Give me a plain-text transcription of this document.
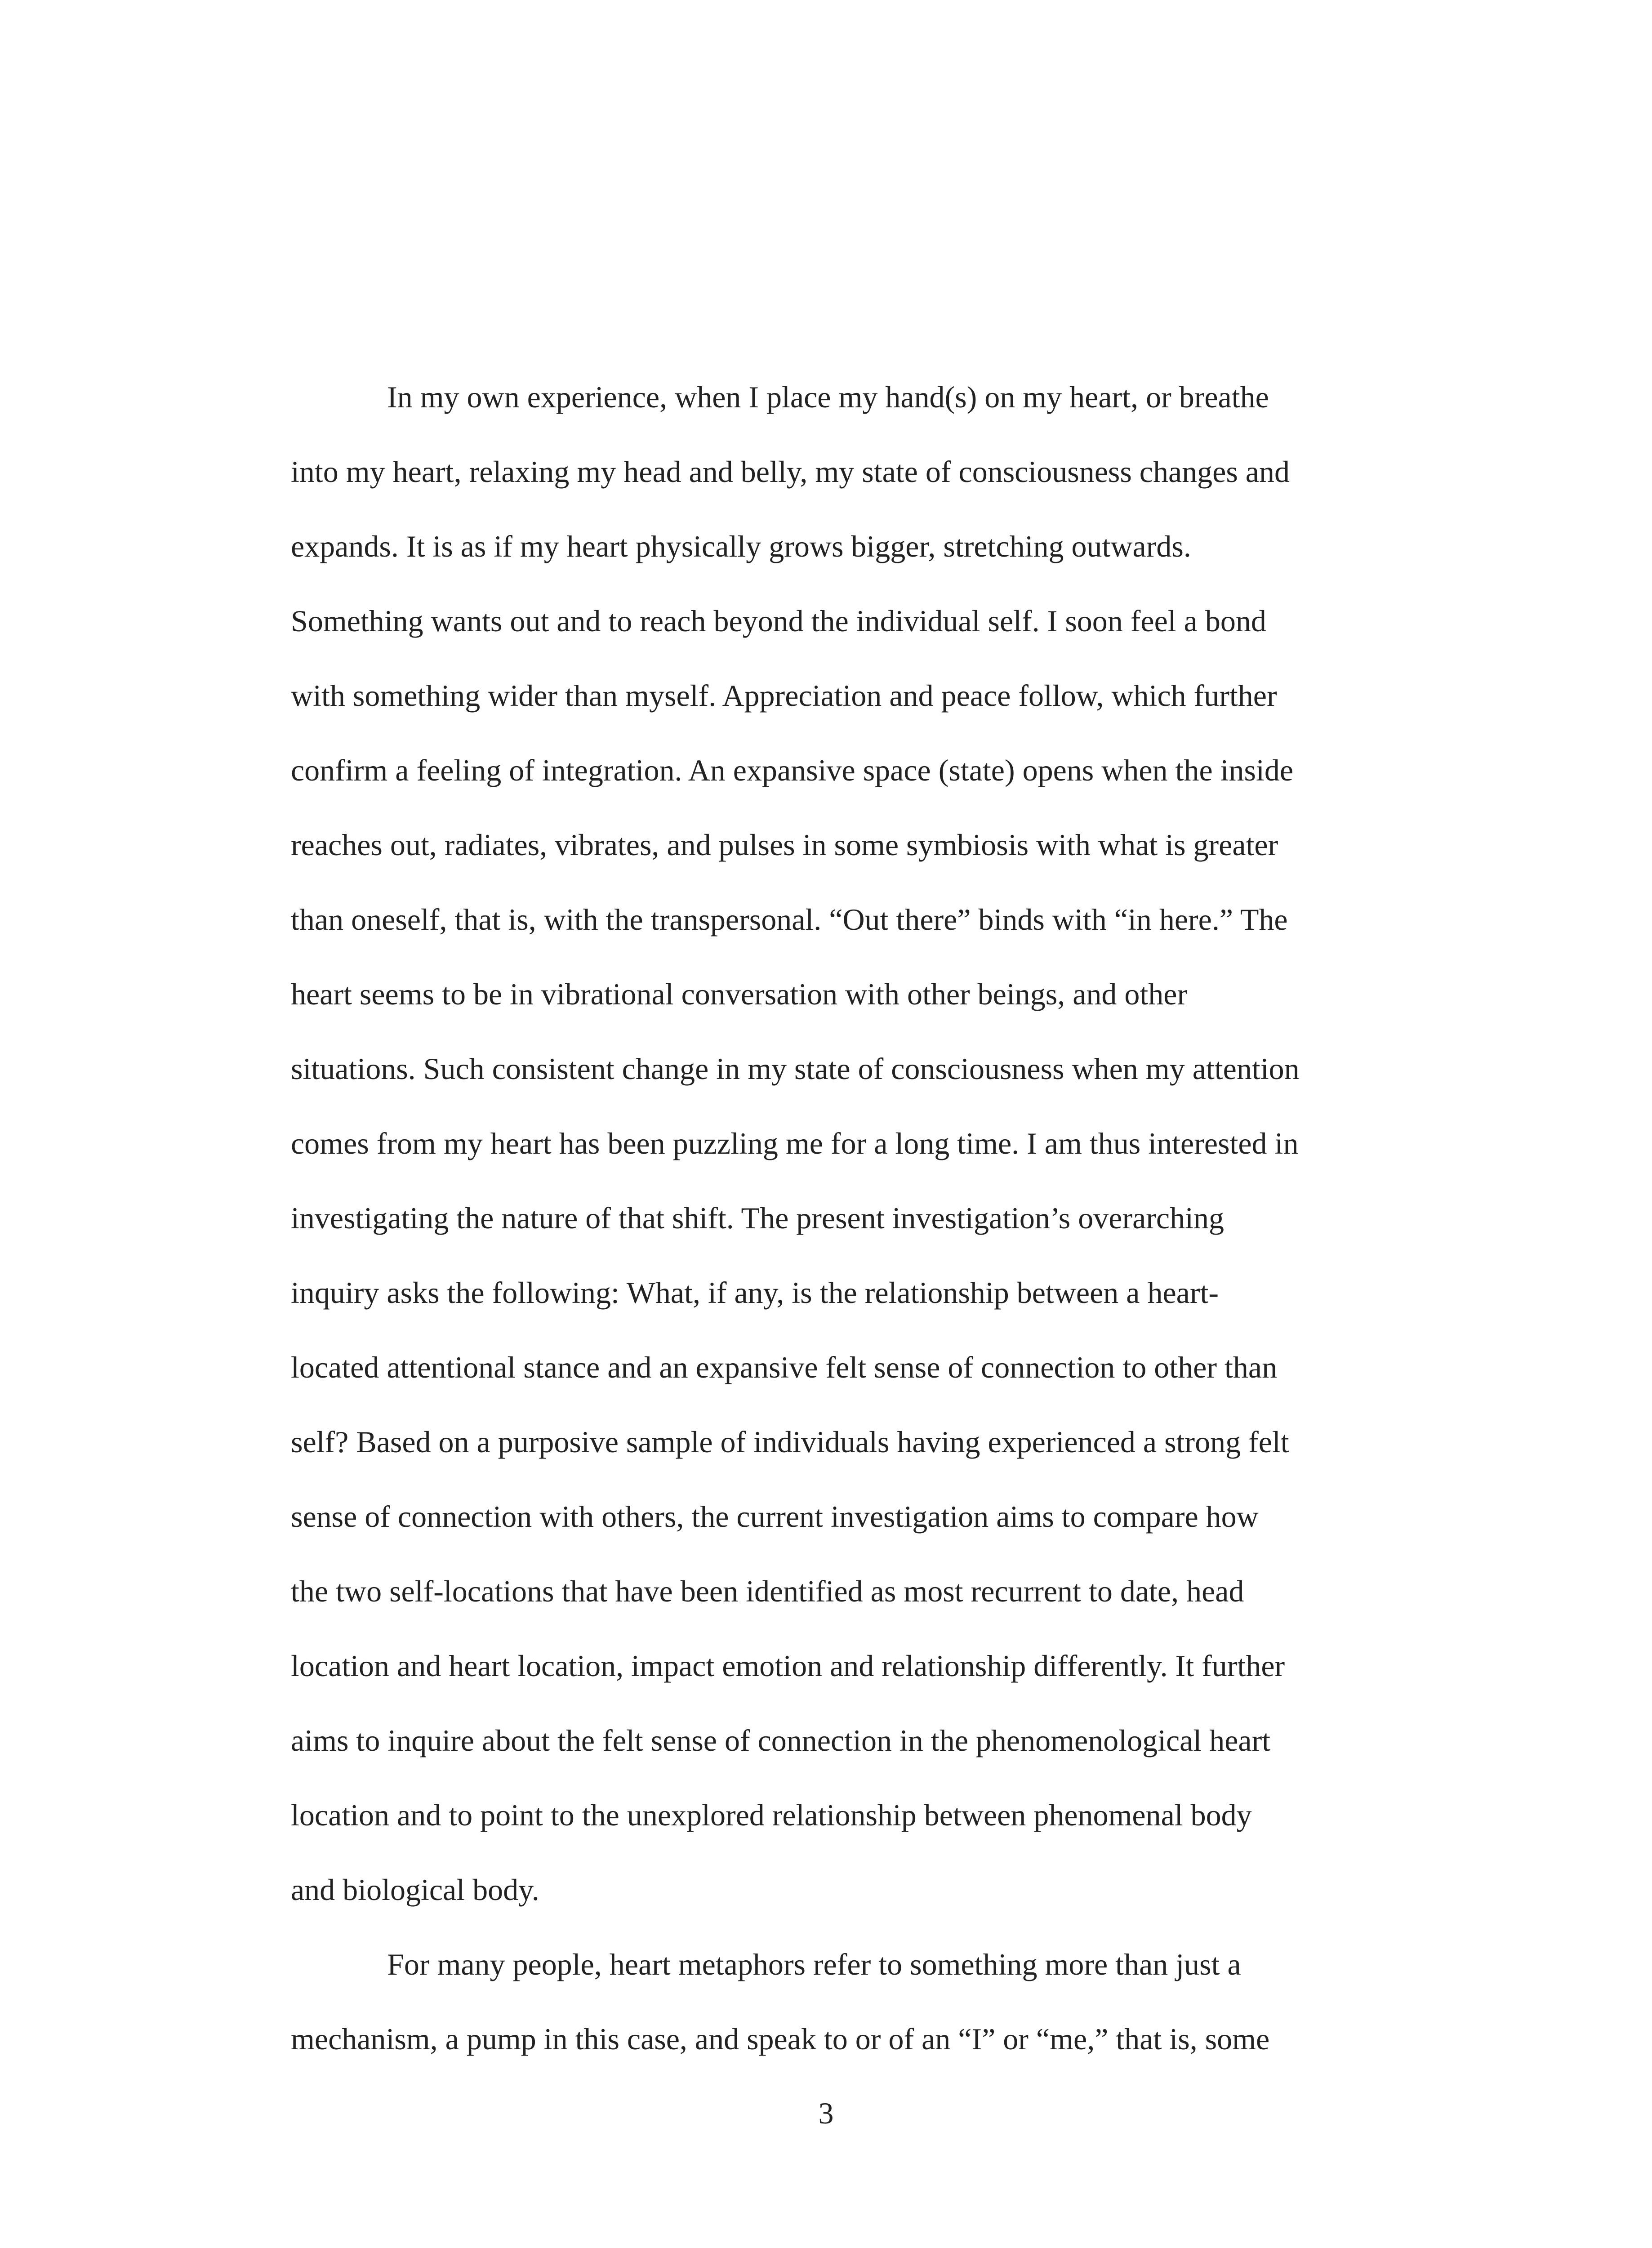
In my own experience, when I place my hand(s) on my heart, or breathe
into my heart, relaxing my head and belly, my state of consciousness changes and
expands. It is as if my heart physically grows bigger, stretching outwards.
Something wants out and to reach beyond the individual self. I soon feel a bond
with something wider than myself. Appreciation and peace follow, which further
confirm a feeling of integration. An expansive space (state) opens when the inside
reaches out, radiates, vibrates, and pulses in some symbiosis with what is greater
than oneself, that is, with the transpersonal. “Out there” binds with “in here.” The
heart seems to be in vibrational conversation with other beings, and other
situations. Such consistent change in my state of consciousness when my attention
comes from my heart has been puzzling me for a long time. I am thus interested in
investigating the nature of that shift. The present investigation’s overarching
inquiry asks the following: What, if any, is the relationship between a heart-
located attentional stance and an expansive felt sense of connection to other than
self? Based on a purposive sample of individuals having experienced a strong felt
sense of connection with others, the current investigation aims to compare how
the two self-locations that have been identified as most recurrent to date, head
location and heart location, impact emotion and relationship differently. It further
aims to inquire about the felt sense of connection in the phenomenological heart
location and to point to the unexplored relationship between phenomenal body
and biological body.

For many people, heart metaphors refer to something more than just a
mechanism, a pump in this case, and speak to or of an “I” or “me,” that is, some

3
